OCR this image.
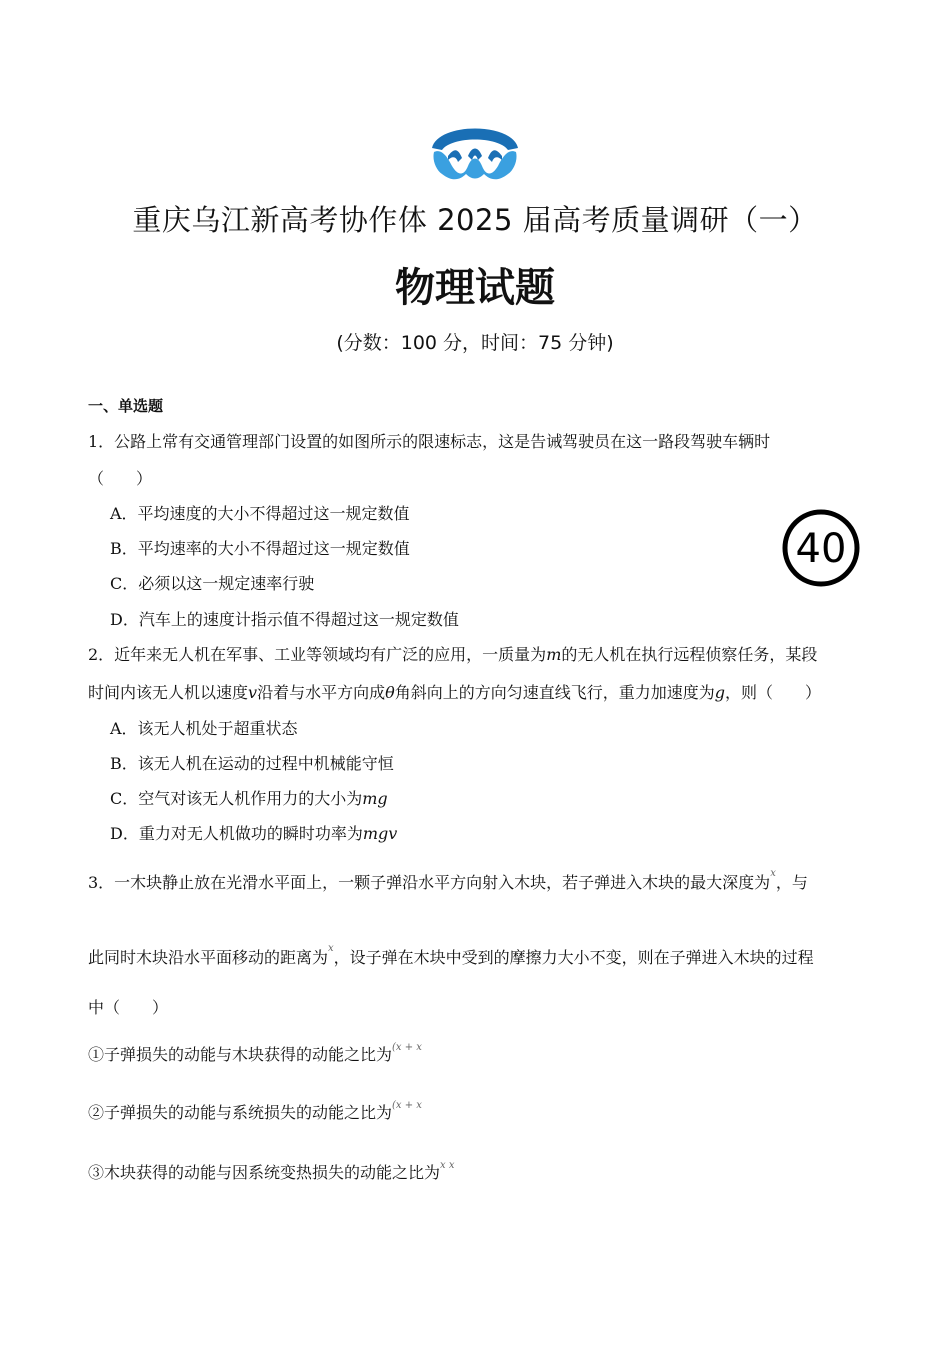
重庆乌江新高考协作体 2025 届高考质量调研（一）
物理试题
(分数：100 分，时间：75 分钟)
一、单选题
1．公路上常有交通管理部门设置的如图所示的限速标志，这是告诫驾驶员在这一路段驾驶车辆时
（　　）
A．平均速度的大小不得超过这一规定数值
B．平均速率的大小不得超过这一规定数值
C．必须以这一规定速率行驶
D．汽车上的速度计指示值不得超过这一规定数值
40
2．近年来无人机在军事、工业等领域均有广泛的应用，一质量为m的无人机在执行远程侦察任务，某段
时间内该无人机以速度v沿着与水平方向成θ角斜向上的方向匀速直线飞行，重力加速度为g，则（　　）
A．该无人机处于超重状态
B．该无人机在运动的过程中机械能守恒
C．空气对该无人机作用力的大小为mg
D．重力对无人机做功的瞬时功率为mgv
3．一木块静止放在光滑水平面上，一颗子弹沿水平方向射入木块，若子弹进入木块的最大深度为$^x$，与
此同时木块沿水平面移动的距离为$^x$，设子弹在木块中受到的摩擦力大小不变，则在子弹进入木块的过程
中（　　）
①子弹损失的动能与木块获得的动能之比为$^{(x + x}$
②子弹损失的动能与系统损失的动能之比为$^{(x + x}$
③木块获得的动能与因系统变热损失的动能之比为$^{x x}$
